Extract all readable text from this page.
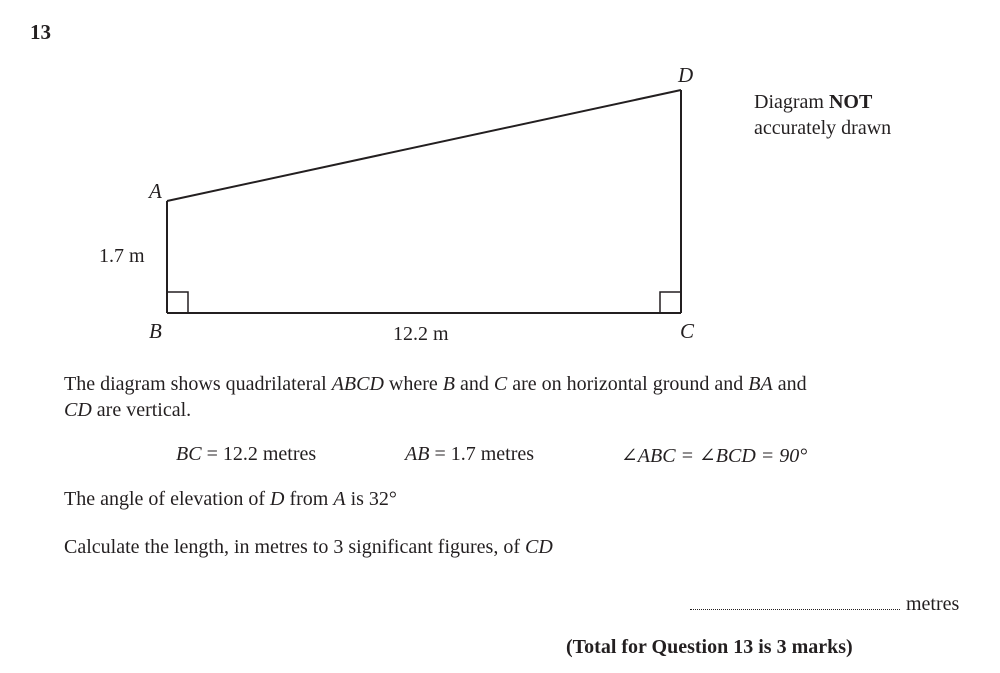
13
A
B	C
D
1.7 m
12.2 m
Diagram NOT
accurately drawn
The diagram shows quadrilateral ABCD where B and C are on horizontal ground and BA and CD are vertical.
BC = 12.2 metres	AB = 1.7 metres	∠ABC = ∠BCD = 90°
The angle of elevation of D from A is 32°
Calculate the length, in metres to 3 significant figures, of CD
metres
(Total for Question 13 is 3 marks)
